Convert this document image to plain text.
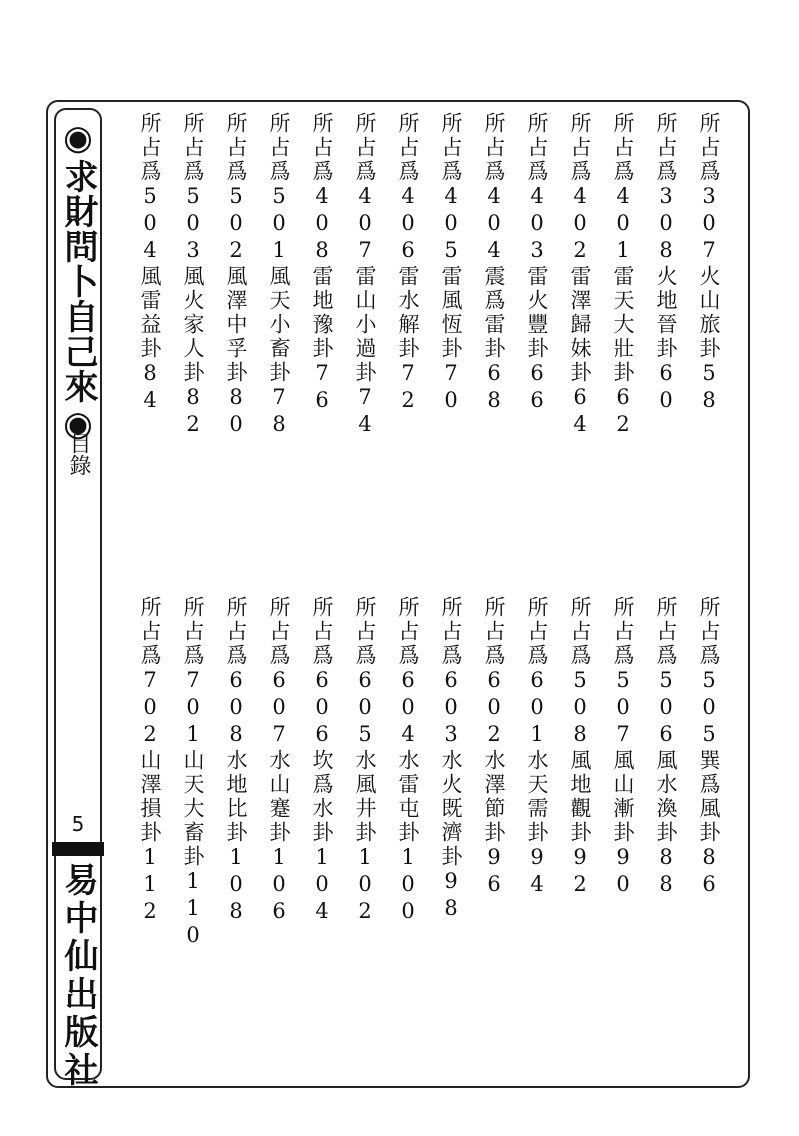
◉求財問卜自己來◉
目錄
5
易中仙出版社
所占爲307火山旅卦58
所占爲308火地晉卦60
所占爲401雷天大壯卦62
所占爲402雷澤歸妹卦64
所占爲403雷火豐卦66
所占爲404震爲雷卦68
所占爲405雷風恆卦70
所占爲406雷水解卦72
所占爲407雷山小過卦74
所占爲408雷地豫卦76
所占爲501風天小畜卦78
所占爲502風澤中孚卦80
所占爲503風火家人卦82
所占爲504風雷益卦84
所占爲505巽爲風卦86
所占爲506風水渙卦88
所占爲507風山漸卦90
所占爲508風地觀卦92
所占爲601水天需卦94
所占爲602水澤節卦96
所占爲603水火既濟卦98
所占爲604水雷屯卦100
所占爲605水風井卦102
所占爲606坎爲水卦104
所占爲607水山蹇卦106
所占爲608水地比卦108
所占爲701山天大畜卦110
所占爲702山澤損卦112
